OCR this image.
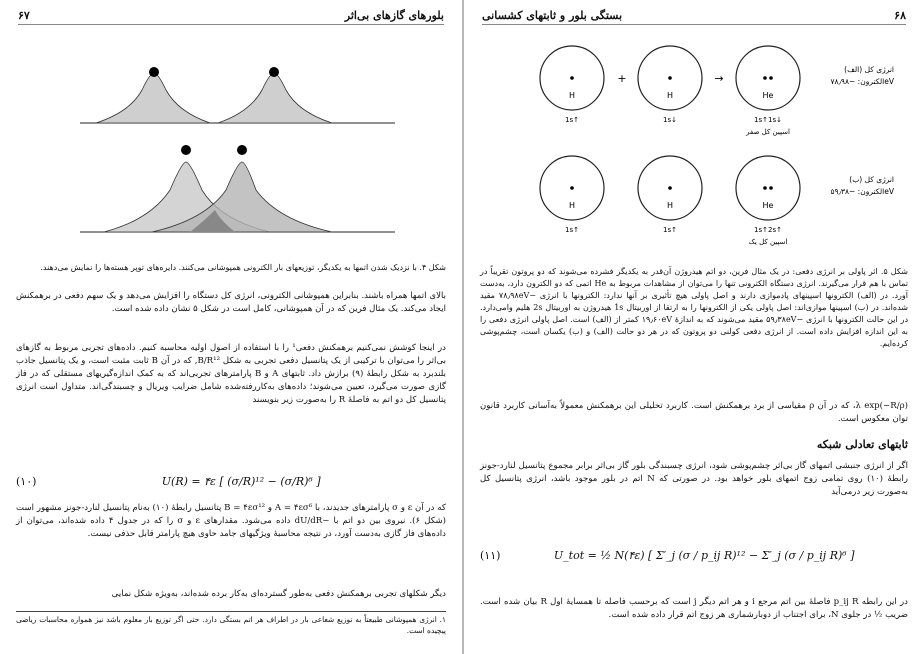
بلورهای گازهای بی‌اثر
۶۷
شکل ۴. با نزدیک شدن اتمها به یکدیگر، توزیعهای بار الکترونی همپوشانی می‌کنند. دایره‌های توپر هسته‌ها را نمایش می‌دهند.
بالای اتمها همراه باشند. بنابراین همپوشانی الکترونی، انرژی کل دستگاه را افزایش می‌دهد و یک سهم دفعی در برهمکنش ایجاد می‌کند. یک مثال فرین که در آن همپوشانی، کامل است در شکل ۵ نشان داده شده است.
در اینجا کوشش نمی‌کنیم برهمکنش دفعی¹ را با استفاده از اصول اولیه محاسبه کنیم. داده‌های تجربی مربوط به گازهای بی‌اثر را می‌توان با ترکیبی از یک پتانسیل دفعی تجربی به شکل B/R¹², که در آن B ثابت مثبت است، و یک پتانسیل جاذب بلندبرد به شکل رابطهٔ (۹) برازش داد. ثابتهای A و B پارامترهای تجربی‌اند که به کمک اندازه‌گیریهای مستقلی که در فاز گازی صورت می‌گیرد، تعیین می‌شوند؛ داده‌های به‌کاررفته‌شده شامل ضرایب ویریال و چسبندگی‌اند. متداول است انرژی پتانسیل کل دو اتم به فاصلهٔ R را به‌صورت زیر بنویسند
(۱۰)	U(R) = ۴ε [ (σ/R)¹² − (σ/R)⁶ ]
که در آن ε و σ پارامترهای جدیدند، با A = ۴εσ⁶ و B = ۴εσ¹² پتانسیل رابطهٔ (۱۰) به‌نام پتانسیل لنارد-جونز مشهور است (شکل ۶). نیروی بین دو اتم با −dU/dR داده می‌شود. مقدارهای ε و σ را که در جدول ۴ داده شده‌اند، می‌توان از داده‌های فاز گازی به‌دست آورد، در نتیجه محاسبهٔ ویژگیهای جامد حاوی هیچ پارامتر قابل حذفی نیست.
دیگر شکلهای تجربی برهمکنش دفعی به‌طور گسترده‌ای به‌کار برده شده‌اند، به‌ویژه شکل نمایی
۱. انرژی همپوشانی طبیعتاً به توزیع شعاعی بار در اطراف هر اتم بستگی دارد. حتی اگر توزیع بار معلوم باشد نیز همواره محاسبات ریاضی پیچیده است.
۶۸
بستگی بلور و ثابتهای کشسانی
H
1s↑
+
H
1s↓
→
He
1s↑1s↓
اسپین کل صفر
(الف) انرژی کل
الکترون: −۷۸٫۹۸eV
H
1s↑
H
1s↑
He
1s↑2s↑
اسپین کل یک
(ب) انرژی کل
الکترون: −۵۹٫۳۸eV
شکل ۵. اثر پاولی بر انرژی دفعی: در یک مثال فرین، دو اتم هیدروژن آن‌قدر به یکدیگر فشرده می‌شوند که دو پروتون تقریباً در تماس با هم قرار می‌گیرند. انرژی دستگاه الکترونی تنها را می‌توان از مشاهدات مربوط به He اتمی که دو الکترون دارد، به‌دست آورد. در (الف) الکترونها اسپینهای پادموازی دارند و اصل پاولی هیچ تأثیری بر آنها ندارد: الکترونها با انرژی −۷۸٫۹۸eV مقید شده‌اند. در (ب) اسپینها موازی‌اند: اصل پاولی یکی از الکترونها را به ارتقا از اوربیتال 1s هیدروژن به اوربیتال 2s هلیم وامی‌دارد. در این حالت الکترونها با انرژی −۵۹٫۳۸eV مقید می‌شوند که به اندازهٔ ۱۹٫۶۰eV کمتر از (الف) است. اصل پاولی انرژی دفعی را به این اندازه افزایش داده است. از انرژی دفعی کولنی دو پروتون که در هر دو حالت (الف) و (ب) یکسان است، چشم‌پوشی کرده‌ایم.
λ exp(−R/ρ)، که در آن ρ مقیاسی از برد برهمکنش است. کاربرد تحلیلی این برهمکنش معمولاً به‌آسانی کاربرد قانون توان معکوس است.
ثابتهای تعادلی شبکه
اگر از انرژی جنبشی اتمهای گاز بی‌اثر چشم‌پوشی شود، انرژی چسبندگی بلور گاز بی‌اثر برابر مجموع پتانسیل لنارد-جونز رابطهٔ (۱۰) روی تمامی زوج اتمهای بلور خواهد بود. در صورتی که N اتم در بلور موجود باشد، انرژی پتانسیل کل به‌صورت زیر درمی‌آید
(۱۱)	U_tot = ½ N(۴ε) [ Σ′_j (σ / p_ij R)¹² − Σ′_j (σ / p_ij R)⁶ ]
در این رابطه p_ij R فاصلهٔ بین اتم مرجع i و هر اتم دیگر j است که برحسب فاصله تا همسایهٔ اول R بیان شده است. ضریب ½ در جلوی N، برای اجتناب از دوبارشماری هر زوج اتم قرار داده شده است.
